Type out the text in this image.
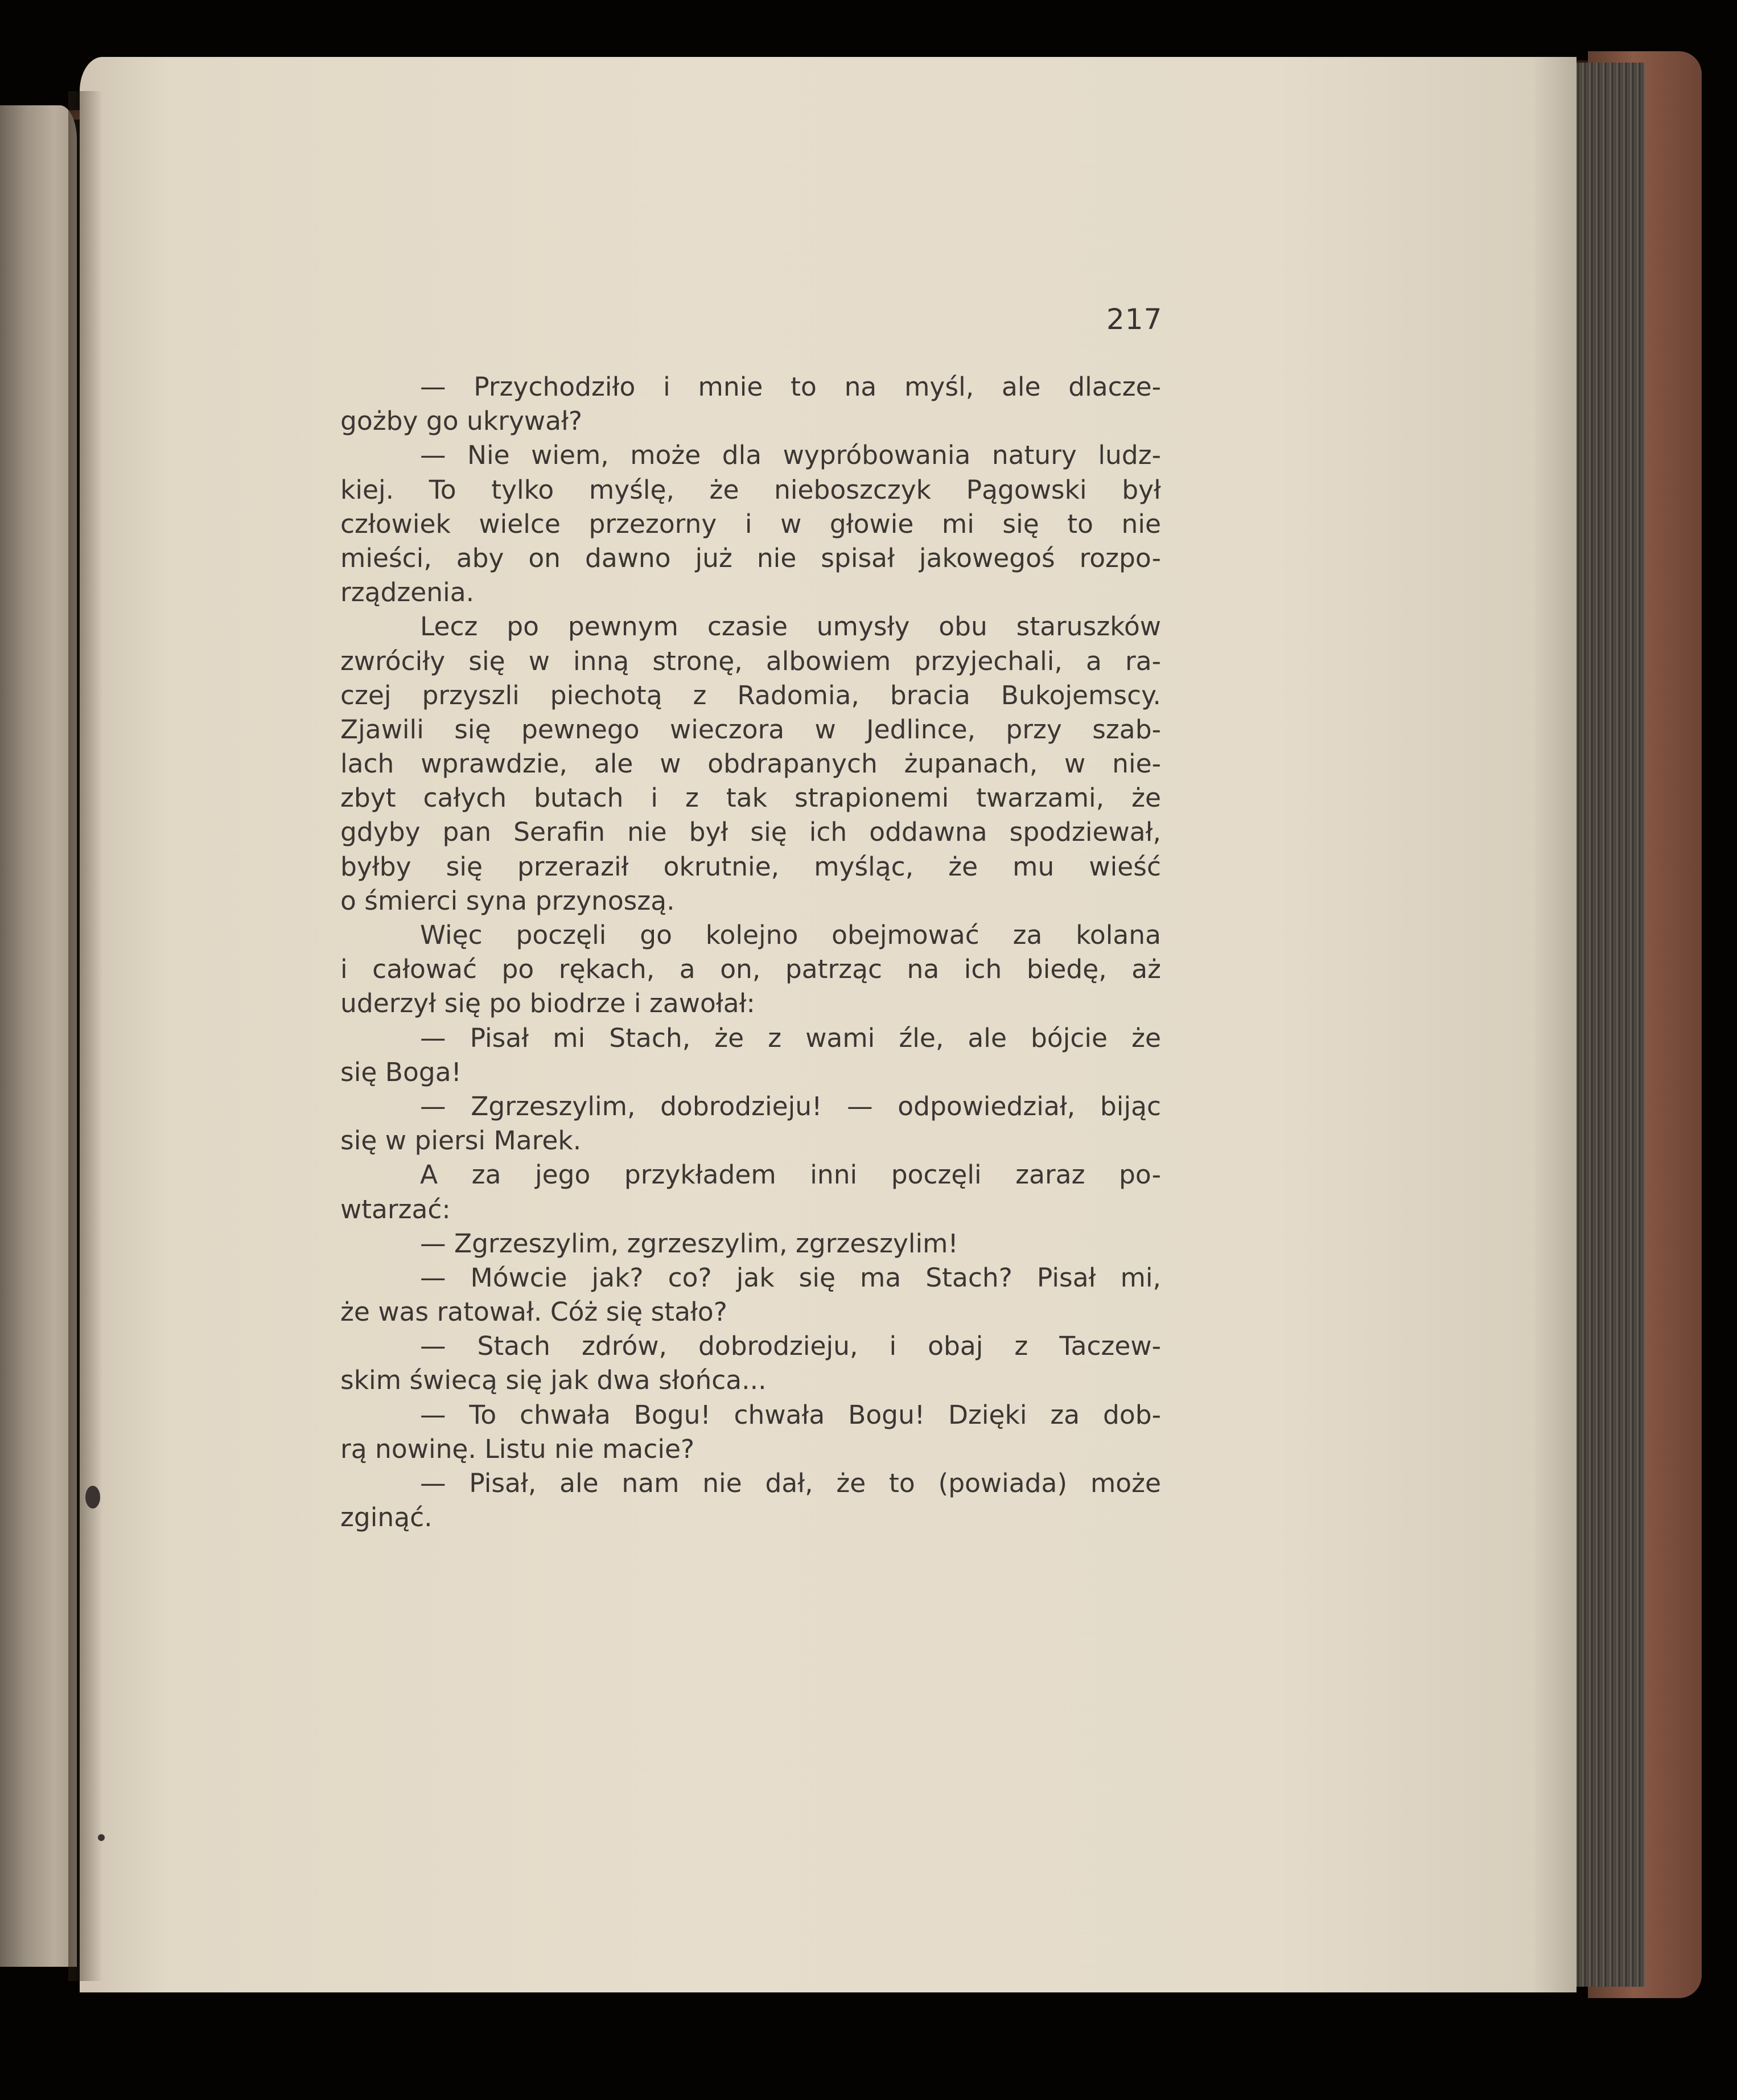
217
— Przychodziło i mnie to na myśl, ale dlacze-
gożby go ukrywał?
— Nie wiem, może dla wypróbowania natury ludz-
kiej. To tylko myślę, że nieboszczyk Pągowski był
człowiek wielce przezorny i w głowie mi się to nie
mieści, aby on dawno już nie spisał jakowegoś rozpo-
rządzenia.
Lecz po pewnym czasie umysły obu staruszków
zwróciły się w inną stronę, albowiem przyjechali, a ra-
czej przyszli piechotą z Radomia, bracia Bukojemscy.
Zjawili się pewnego wieczora w Jedlince, przy szab-
lach wprawdzie, ale w obdrapanych żupanach, w nie-
zbyt całych butach i z tak strapionemi twarzami, że
gdyby pan Serafin nie był się ich oddawna spodziewał,
byłby się przeraził okrutnie, myśląc, że mu wieść
o śmierci syna przynoszą.
Więc poczęli go kolejno obejmować za kolana
i całować po rękach, a on, patrząc na ich biedę, aż
uderzył się po biodrze i zawołał:
— Pisał mi Stach, że z wami źle, ale bójcie że
się Boga!
— Zgrzeszylim, dobrodzieju! — odpowiedział, bijąc
się w piersi Marek.
A za jego przykładem inni poczęli zaraz po-
wtarzać:
— Zgrzeszylim, zgrzeszylim, zgrzeszylim!
— Mówcie jak? co? jak się ma Stach? Pisał mi,
że was ratował. Cóż się stało?
— Stach zdrów, dobrodzieju, i obaj z Taczew-
skim świecą się jak dwa słońca...
— To chwała Bogu! chwała Bogu! Dzięki za dob-
rą nowinę. Listu nie macie?
— Pisał, ale nam nie dał, że to (powiada) może
zginąć.
